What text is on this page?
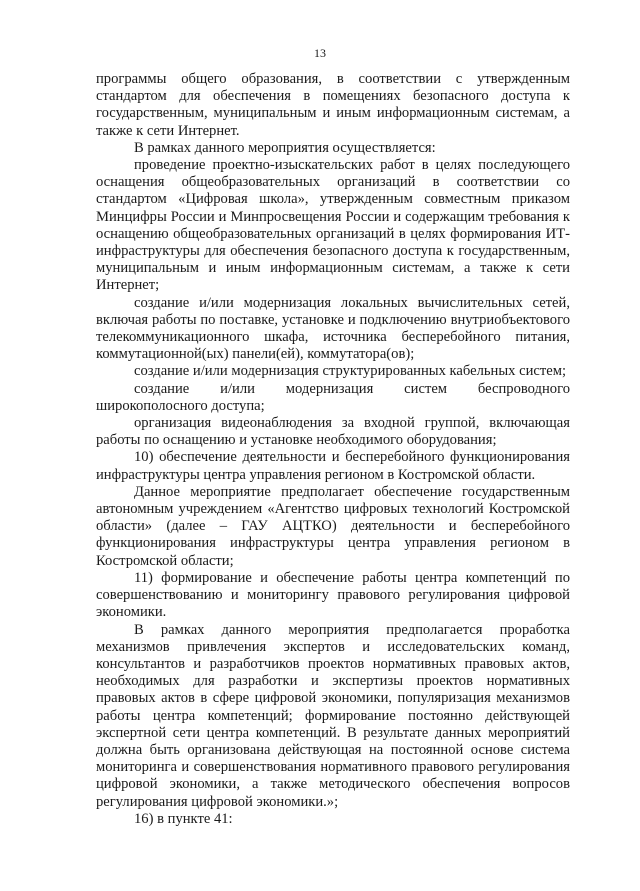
13

программы общего образования, в соответствии с утвержденным стандартом для обеспечения в помещениях безопасного доступа к государственным, муниципальным и иным информационным системам, а также к сети Интернет.

В рамках данного мероприятия осуществляется:

проведение проектно-изыскательских работ в целях последующего оснащения общеобразовательных организаций в соответствии со стандартом «Цифровая школа», утвержденным совместным приказом Минцифры России и Минпросвещения России и содержащим требования к оснащению общеобразовательных организаций в целях формирования ИТ-инфраструктуры для обеспечения безопасного доступа к государственным, муниципальным и иным информационным системам, а также к сети Интернет;

создание и/или модернизация локальных вычислительных сетей, включая работы по поставке, установке и подключению внутриобъектового телекоммуникационного шкафа, источника бесперебойного питания, коммутационной(ых) панели(ей), коммутатора(ов);

создание и/или модернизация структурированных кабельных систем;

создание и/или модернизация систем беспроводного широкополосного доступа;

организация видеонаблюдения за входной группой, включающая работы по оснащению и установке необходимого оборудования;

10) обеспечение деятельности и бесперебойного функционирования инфраструктуры центра управления регионом в Костромской области.

Данное мероприятие предполагает обеспечение государственным автономным учреждением «Агентство цифровых технологий Костромской области» (далее – ГАУ АЦТКО) деятельности и бесперебойного функционирования инфраструктуры центра управления регионом в Костромской области;

11) формирование и обеспечение работы центра компетенций по совершенствованию и мониторингу правового регулирования цифровой экономики.

В рамках данного мероприятия предполагается проработка механизмов привлечения экспертов и исследовательских команд, консультантов и разработчиков проектов нормативных правовых актов, необходимых для разработки и экспертизы проектов нормативных правовых актов в сфере цифровой экономики, популяризация механизмов работы центра компетенций; формирование постоянно действующей экспертной сети центра компетенций. В результате данных мероприятий должна быть организована действующая на постоянной основе система мониторинга и совершенствования нормативного правового регулирования цифровой экономики, а также методического обеспечения вопросов регулирования цифровой экономики.»;

16) в пункте 41:
